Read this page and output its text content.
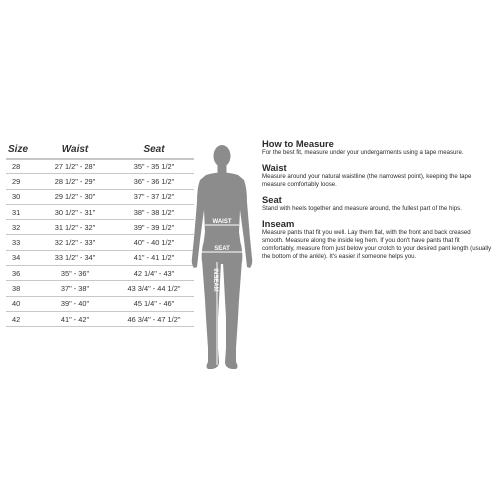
Size	Waist	Seat
28	27 1/2" - 28"	35" - 35 1/2"
29	28 1/2" - 29"	36" - 36 1/2"
30	29 1/2" - 30"	37" - 37 1/2"
31	30 1/2" - 31"	38" - 38 1/2"
32	31 1/2" - 32"	39" - 39 1/2"
33	32 1/2" - 33"	40" - 40 1/2"
34	33 1/2" - 34"	41" - 41 1/2"
36	35" - 36"	42 1/4" - 43"
38	37" - 38"	43 3/4" - 44 1/2"
40	39" - 40"	45 1/4" - 46"
42	41" - 42"	46 3/4" - 47 1/2"
WAIST
SEAT
INSEAM

How to Measure

For the best fit, measure under your undergarments using a tape measure.

Waist

Measure around your natural waistline (the narrowest point), keeping the tape measure comfortably loose.

Seat

Stand with heels together and measure around, the fullest part of the hips.

Inseam

Measure pants that fit you well. Lay them flat, with the front and back creased smooth. Measure along the inside leg hem. If you don't have pants that fit comfortably, measure from just below your crotch to your desired pant length (usually the bottom of the ankle). It's easier if someone helps you.
